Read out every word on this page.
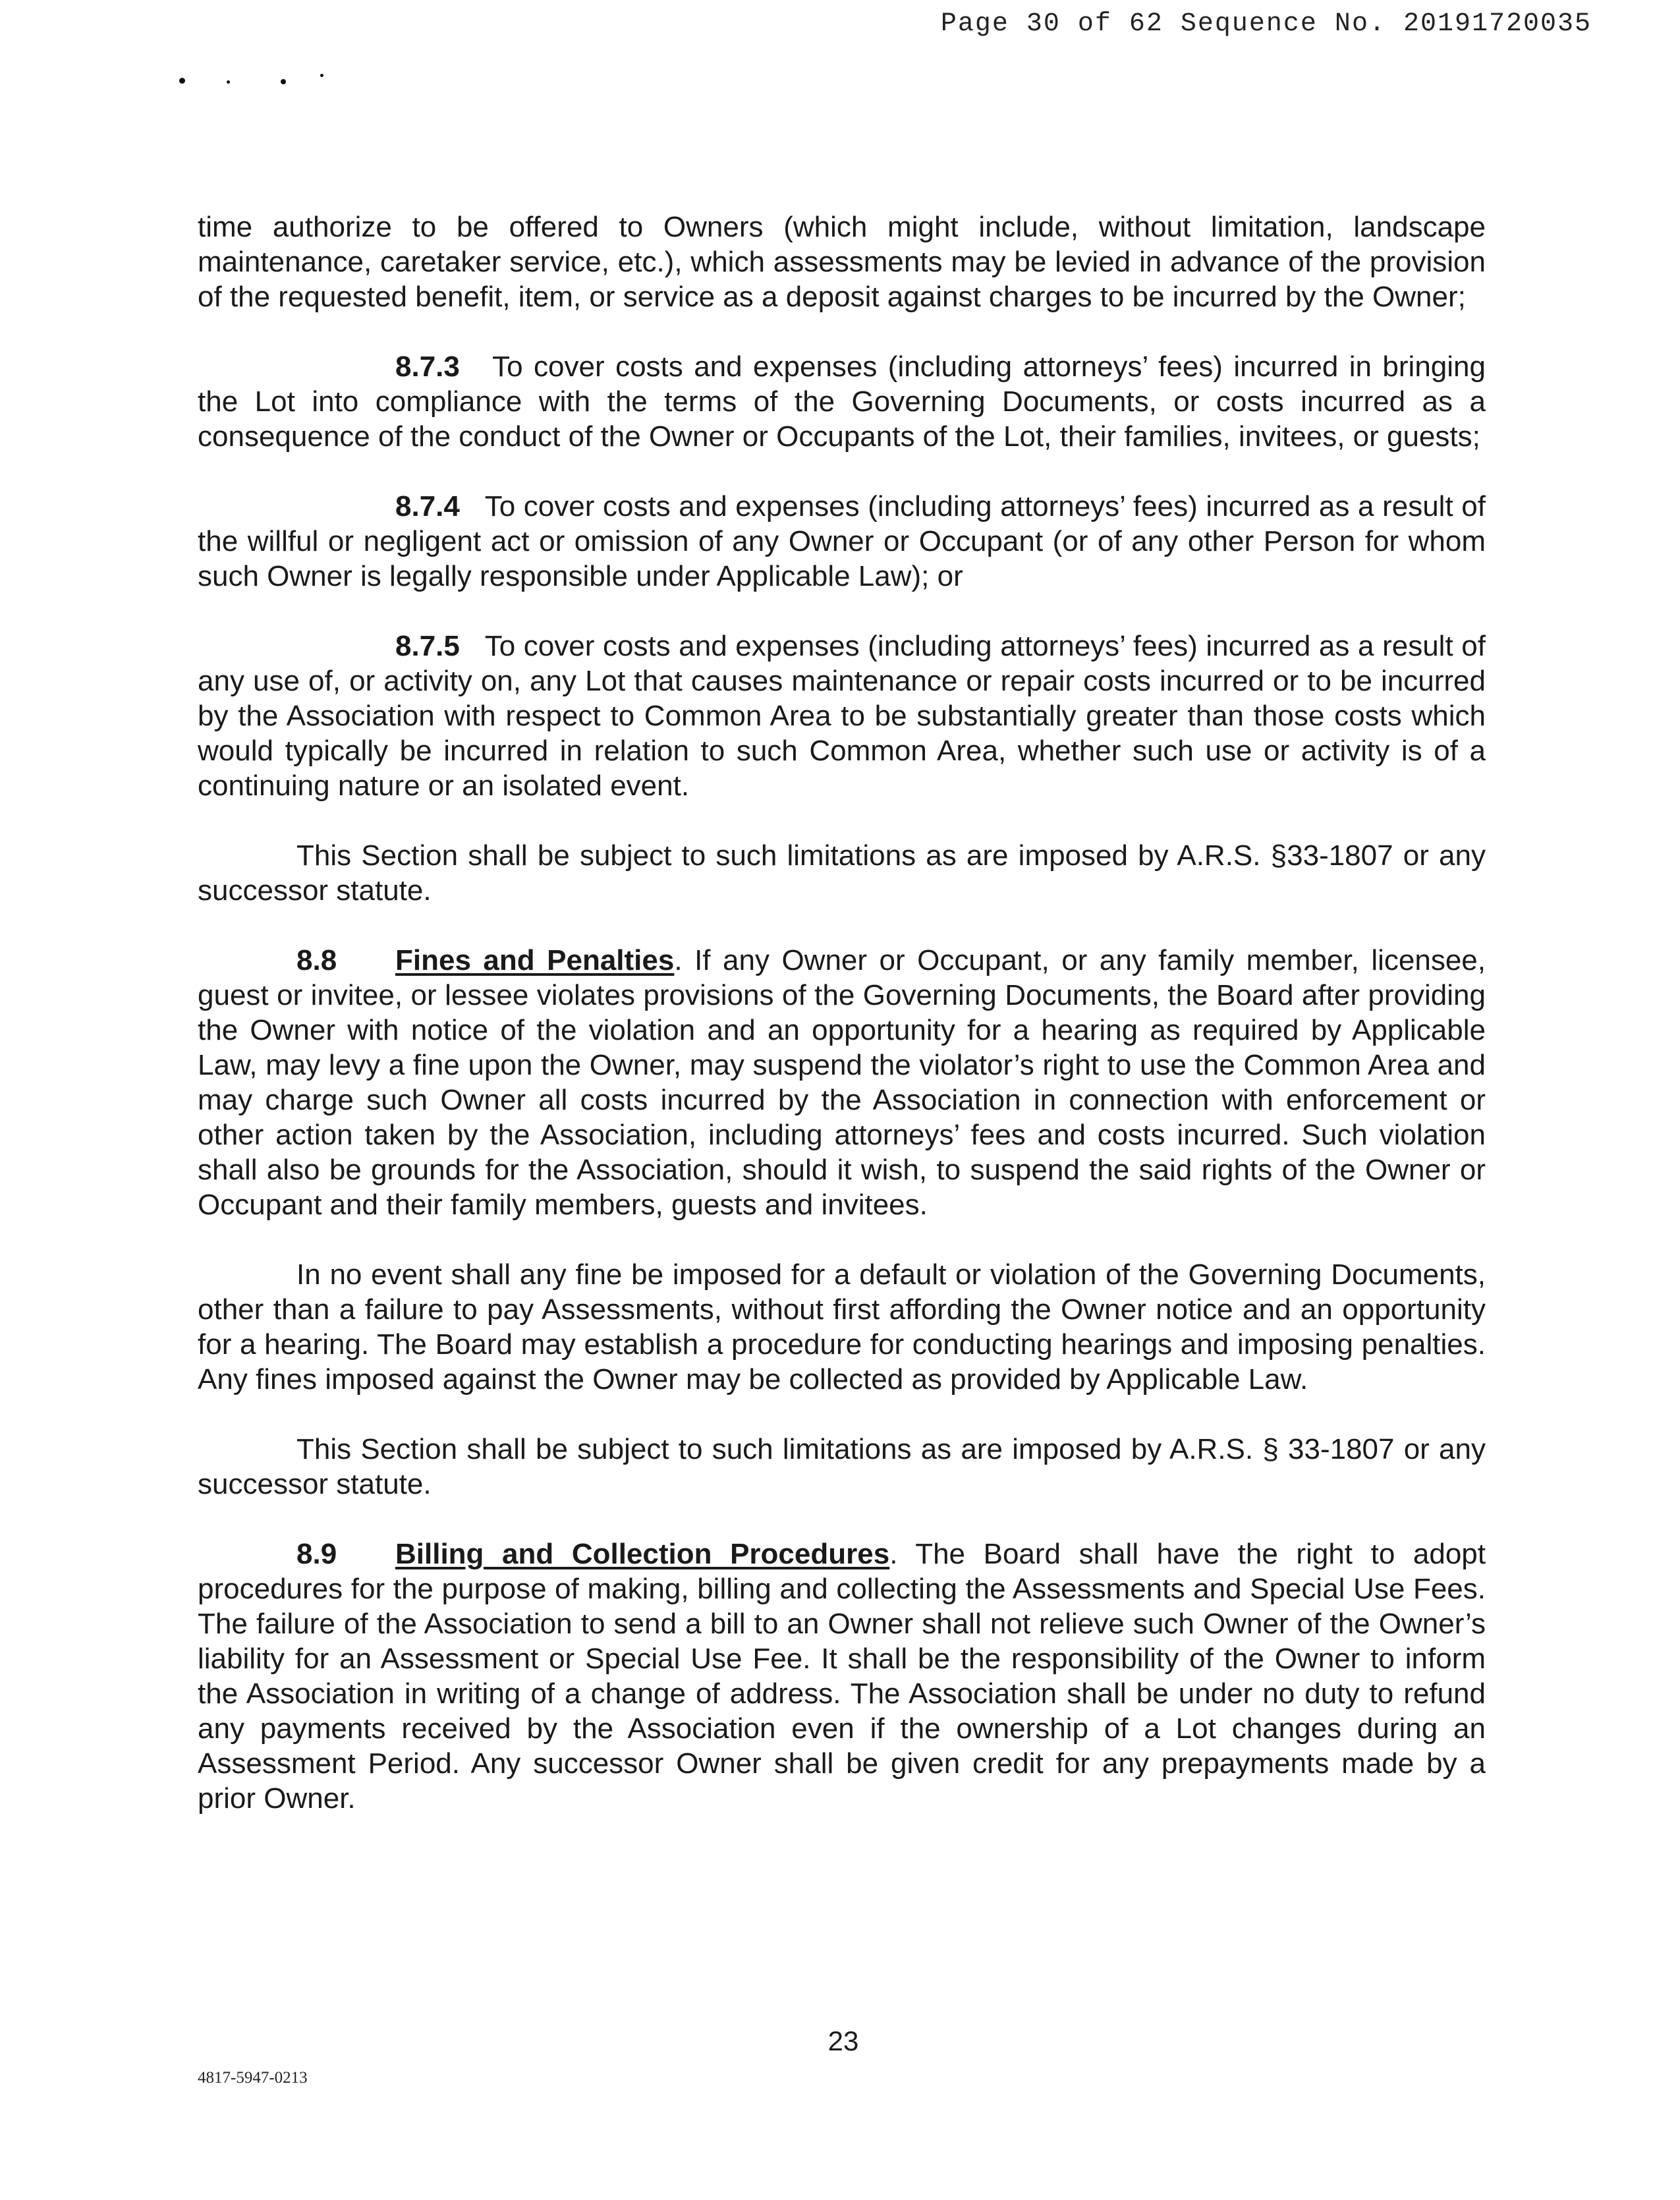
Page 30 of 62 Sequence No. 20191720035

time authorize to be offered to Owners (which might include, without limitation, landscape maintenance, caretaker service, etc.), which assessments may be levied in advance of the provision of the requested benefit, item, or service as a deposit against charges to be incurred by the Owner;

8.7.3 To cover costs and expenses (including attorneys’ fees) incurred in bringing the Lot into compliance with the terms of the Governing Documents, or costs incurred as a consequence of the conduct of the Owner or Occupants of the Lot, their families, invitees, or guests;

8.7.4 To cover costs and expenses (including attorneys’ fees) incurred as a result of the willful or negligent act or omission of any Owner or Occupant (or of any other Person for whom such Owner is legally responsible under Applicable Law); or

8.7.5 To cover costs and expenses (including attorneys’ fees) incurred as a result of any use of, or activity on, any Lot that causes maintenance or repair costs incurred or to be incurred by the Association with respect to Common Area to be substantially greater than those costs which would typically be incurred in relation to such Common Area, whether such use or activity is of a continuing nature or an isolated event.

This Section shall be subject to such limitations as are imposed by A.R.S. §33-1807 or any successor statute.

8.8 Fines and Penalties. If any Owner or Occupant, or any family member, licensee, guest or invitee, or lessee violates provisions of the Governing Documents, the Board after providing the Owner with notice of the violation and an opportunity for a hearing as required by Applicable Law, may levy a fine upon the Owner, may suspend the violator’s right to use the Common Area and may charge such Owner all costs incurred by the Association in connection with enforcement or other action taken by the Association, including attorneys’ fees and costs incurred. Such violation shall also be grounds for the Association, should it wish, to suspend the said rights of the Owner or Occupant and their family members, guests and invitees.

In no event shall any fine be imposed for a default or violation of the Governing Documents, other than a failure to pay Assessments, without first affording the Owner notice and an opportunity for a hearing. The Board may establish a procedure for conducting hearings and imposing penalties. Any fines imposed against the Owner may be collected as provided by Applicable Law.

This Section shall be subject to such limitations as are imposed by A.R.S. § 33-1807 or any successor statute.

8.9 Billing and Collection Procedures. The Board shall have the right to adopt procedures for the purpose of making, billing and collecting the Assessments and Special Use Fees. The failure of the Association to send a bill to an Owner shall not relieve such Owner of the Owner’s liability for an Assessment or Special Use Fee. It shall be the responsibility of the Owner to inform the Association in writing of a change of address. The Association shall be under no duty to refund any payments received by the Association even if the ownership of a Lot changes during an Assessment Period. Any successor Owner shall be given credit for any prepayments made by a prior Owner.

23
4817-5947-0213
